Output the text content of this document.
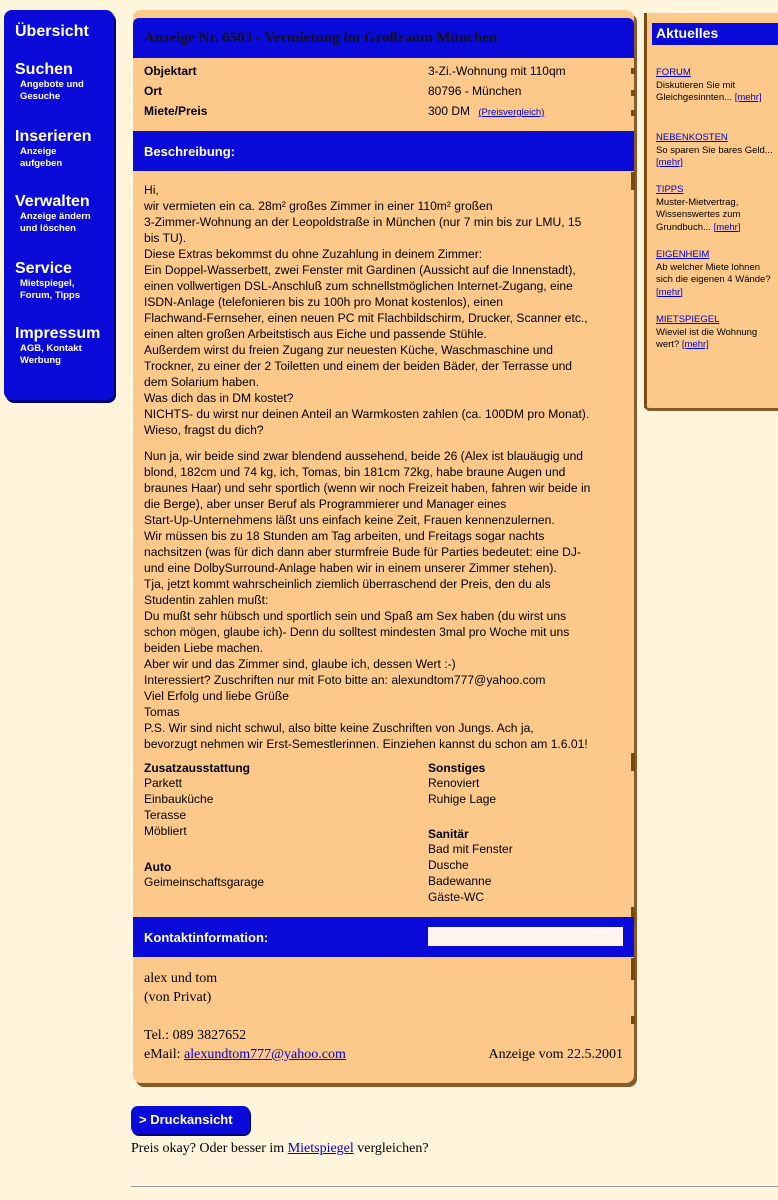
Übersicht
Suchen
Angebote und
Gesuche
Inserieren
Anzeige
aufgeben
Verwalten
Anzeige ändern
und löschen
Service
Mietspiegel,
Forum, Tipps
Impressum
AGB, Kontakt
Werbung
Anzeige Nr. 6503 - Vermietung im Großraum München
Objektart	3-Zi.-Wohnung mit 110qm
Ort	80796 - München
Miete/Preis	300 DM (Preisvergleich)
Beschreibung:

Hi,
wir vermieten ein ca. 28m² großes Zimmer in einer 110m² großen
3-Zimmer-Wohnung an der Leopoldstraße in München (nur 7 min bis zur LMU, 15
bis TU).
Diese Extras bekommst du ohne Zuzahlung in deinem Zimmer:
Ein Doppel-Wasserbett, zwei Fenster mit Gardinen (Aussicht auf die Innenstadt),
einen vollwertigen DSL-Anschluß zum schnellstmöglichen Internet-Zugang, eine
ISDN-Anlage (telefonieren bis zu 100h pro Monat kostenlos), einen
Flachwand-Fernseher, einen neuen PC mit Flachbildschirm, Drucker, Scanner etc.,
einen alten großen Arbeitstisch aus Eiche und passende Stühle.
Außerdem wirst du freien Zugang zur neuesten Küche, Waschmaschine und
Trockner, zu einer der 2 Toiletten und einem der beiden Bäder, der Terrasse und
dem Solarium haben.
Was dich das in DM kostet?
NICHTS- du wirst nur deinen Anteil an Warmkosten zahlen (ca. 100DM pro Monat).
Wieso, fragst du dich?

Nun ja, wir beide sind zwar blendend aussehend, beide 26 (Alex ist blauäugig und
blond, 182cm und 74 kg, ich, Tomas, bin 181cm 72kg, habe braune Augen und
braunes Haar) und sehr sportlich (wenn wir noch Freizeit haben, fahren wir beide in
die Berge), aber unser Beruf als Programmierer und Manager eines
Start-Up-Unternehmens läßt uns einfach keine Zeit, Frauen kennenzulernen.
Wir müssen bis zu 18 Stunden am Tag arbeiten, und Freitags sogar nachts
nachsitzen (was für dich dann aber sturmfreie Bude für Parties bedeutet: eine DJ-
und eine DolbySurround-Anlage haben wir in einem unserer Zimmer stehen).
Tja, jetzt kommt wahrscheinlich ziemlich überraschend der Preis, den du als
Studentin zahlen mußt:
Du mußt sehr hübsch und sportlich sein und Spaß am Sex haben (du wirst uns
schon mögen, glaube ich)- Denn du solltest mindesten 3mal pro Woche mit uns
beiden Liebe machen.
Aber wir und das Zimmer sind, glaube ich, dessen Wert :-)
Interessiert? Zuschriften nur mit Foto bitte an: alexundtom777@yahoo.com
Viel Erfolg und liebe Grüße
Tomas
P.S. Wir sind nicht schwul, also bitte keine Zuschriften von Jungs. Ach ja,
bevorzugt nehmen wir Erst-Semestlerinnen. Einziehen kannst du schon am 1.6.01!

Zusatzausstattung
Parkett
Einbauküche
Terasse
Möbliert
Auto
Geimeinschaftsgarage
Sonstiges
Renoviert
Ruhige Lage
Sanitär
Bad mit Fenster
Dusche
Badewanne
Gäste-WC
Kontaktinformation:
alex und tom
(von Privat)
Tel.: 089 3827652
eMail: alexundtom777@yahoo.com	Anzeige vom 22.5.2001
Aktuelles
FORUM
Diskutieren Sie mit Gleichgesinnten... [mehr]
NEBENKOSTEN
So sparen Sie bares Geld... [mehr]
TIPPS
Muster-Mietvertrag, Wissenswertes zum Grundbuch... [mehr]
EIGENHEIM
Ab welcher Miete lohnen sich die eigenen 4 Wände? [mehr]
MIETSPIEGEL
Wieviel ist die Wohnung wert? [mehr]
> Druckansicht
Preis okay? Oder besser im Mietspiegel vergleichen?
